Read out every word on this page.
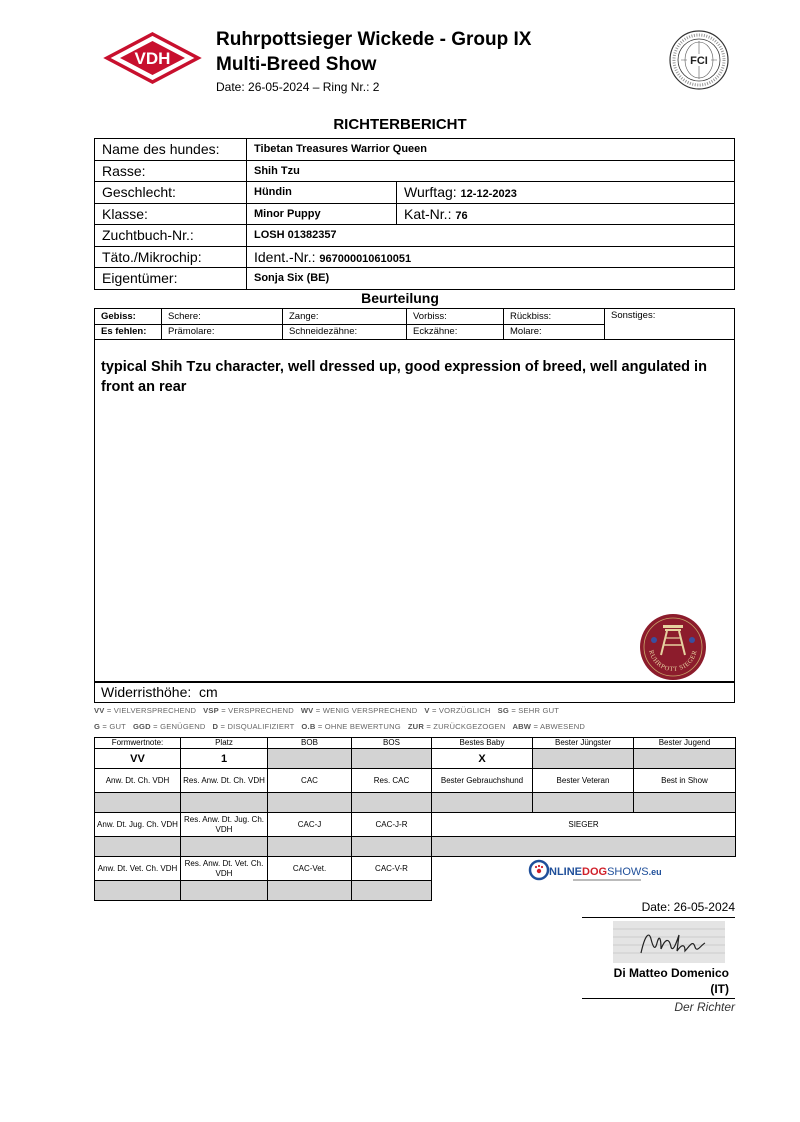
VDH
Ruhrpottsieger Wickede - Group IX
Multi-Breed Show
Date: 26-05-2024 – Ring Nr.: 2
FCI
RICHTERBERICHT
Name des hundes:	Tibetan Treasures Warrior Queen	
Rasse:	Shih Tzu	
Geschlecht:	Hündin	Wurftag: 12-12-2023
Klasse:	Minor Puppy	Kat-Nr.: 76
Zuchtbuch-Nr.:	LOSH 01382357	
Täto./Mikrochip:	Ident.-Nr.: 967000010610051	
Eigentümer:	Sonja Six (BE)	
Beurteilung
Gebiss:	Schere:	Zange:	Vorbiss:	Rückbiss:	Sonstiges:
Es fehlen:	Prämolare:	Schneidezähne:	Eckzähne:	Molare:	
typical Shih Tzu character, well dressed up, good expression of breed, well angulated in front an rear
RUHRPOTT SIEGER
Widerristhöhe: cm
VV = VIELVERSPRECHEND VSP = VERSPRECHEND WV = WENIG VERSPRECHEND V = VORZÜGLICH SG = SEHR GUT
G = GUT GGD = GENÜGEND D = DISQUALIFIZIERT O.B = OHNE BEWERTUNG ZUR = ZURÜCKGEZOGEN ABW = ABWESEND
Formwertnote:	Platz	BOB	BOS	Bestes Baby	Bester Jüngster	Bester Jugend
VV	1			X		
Anw. Dt. Ch. VDH	Res. Anw. Dt. Ch. VDH	CAC	Res. CAC	Bester Gebrauchshund	Bester Veteran	Best in Show

Anw. Dt. Jug. Ch. VDH	Res. Anw. Dt. Jug. Ch. VDH	CAC-J	CAC-J-R	SIEGER		

Anw. Dt. Vet. Ch. VDH	Res. Anw. Dt. Vet. Ch. VDH	CAC-Vet.	CAC-V-R			
				NLINEDOGSHOWS.eu
Date: 26-05-2024
Di Matteo Domenico
(IT)
Der Richter
